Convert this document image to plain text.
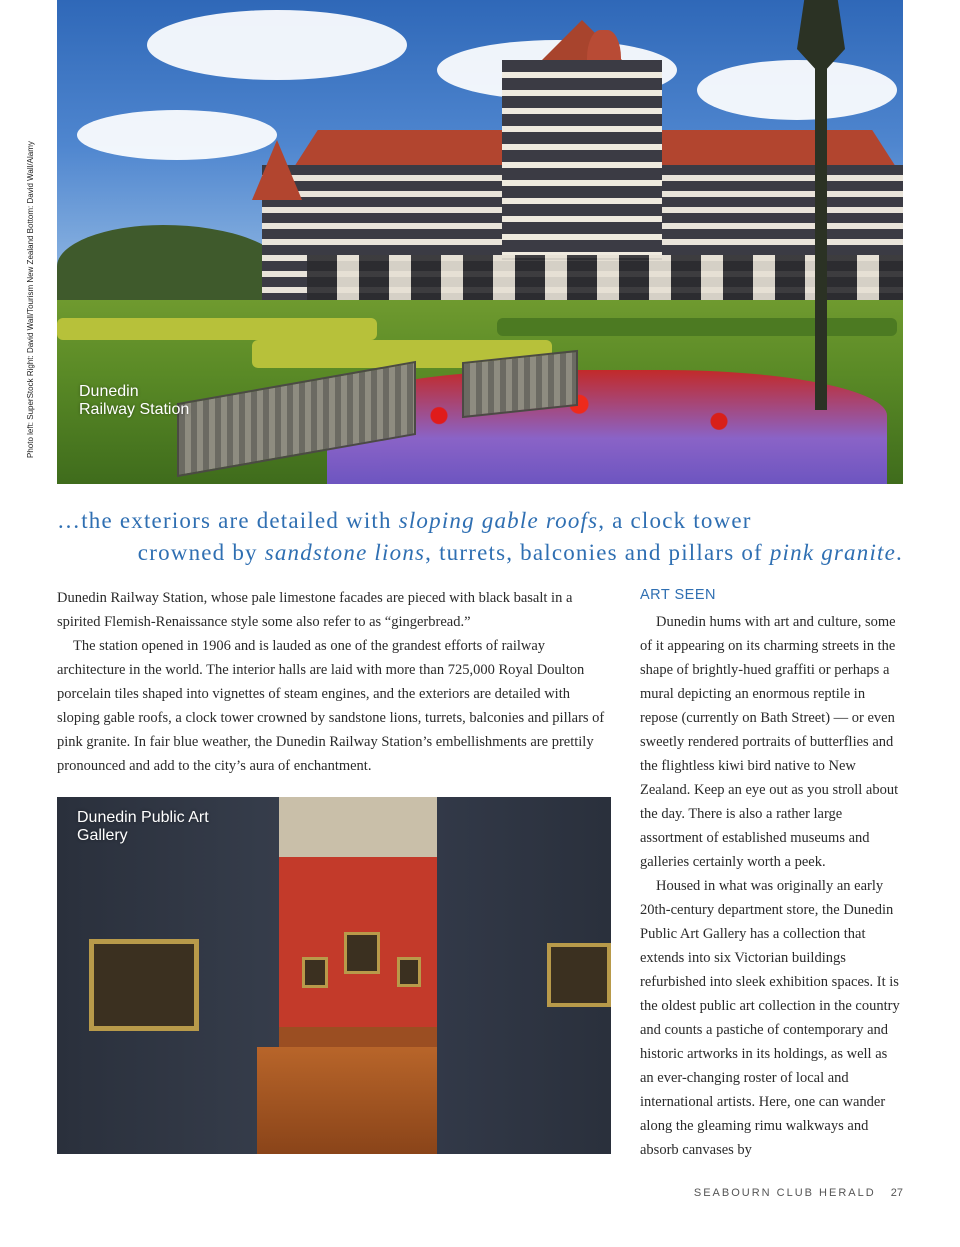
Photo left: SuperStock Right: David Wall/Tourism New Zealand Bottom: David Wall/Alamy	Dunedin Railway Station
…the exteriors are detailed with sloping gable roofs, a clock tower
crowned by sandstone lions, turrets, balconies and pillars of pink granite.

Dunedin Railway Station, whose pale limestone facades are pieced with black basalt in a spirited Flemish-Renaissance style some also refer to as “gingerbread.”

The station opened in 1906 and is lauded as one of the grandest efforts of railway architecture in the world. The interior halls are laid with more than 725,000 Royal Doulton porcelain tiles shaped into vignettes of steam engines, and the exteriors are detailed with sloping gable roofs, a clock tower crowned by sandstone lions, turrets, balconies and pillars of pink granite. In fair blue weather, the Dunedin Railway Station’s embellishments are prettily pronounced and add to the city’s aura of enchantment.

Dunedin Public Art Gallery
ART SEEN

Dunedin hums with art and culture, some of it appearing on its charming streets in the shape of brightly-hued graffiti or perhaps a mural depicting an enormous reptile in repose (currently on Bath Street) — or even sweetly rendered portraits of butterflies and the flightless kiwi bird native to New Zealand. Keep an eye out as you stroll about the day. There is also a rather large assortment of established museums and galleries certainly worth a peek.

Housed in what was originally an early 20th-century department store, the Dunedin Public Art Gallery has a collection that extends into six Victorian buildings refurbished into sleek exhibition spaces. It is the oldest public art collection in the country and counts a pastiche of contemporary and historic artworks in its holdings, as well as an ever-changing roster of local and international artists. Here, one can wander along the gleaming rimu walkways and absorb canvases by

SEABOURN CLUB HERALD 27
